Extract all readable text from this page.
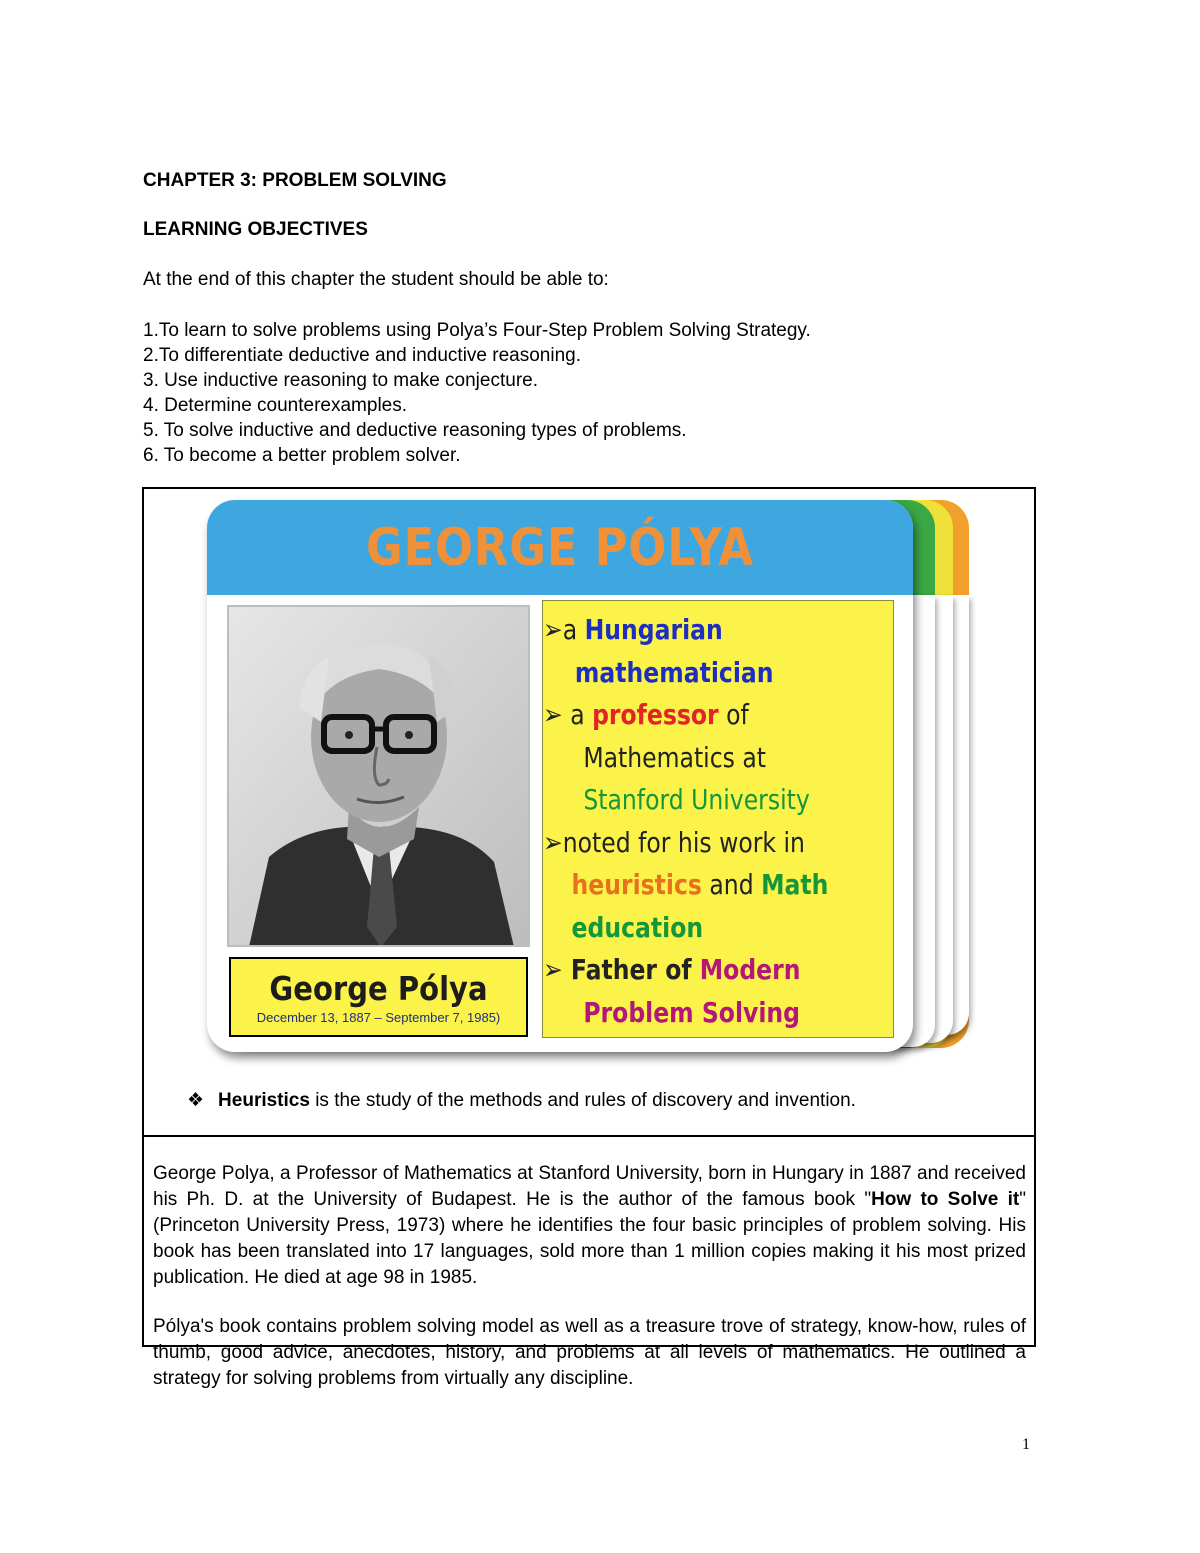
CHAPTER 3: PROBLEM SOLVING
LEARNING OBJECTIVES
At the end of this chapter the student should be able to:
1.To learn to solve problems using Polya’s Four-Step Problem Solving Strategy.
2.To differentiate deductive and inductive reasoning.
3. Use inductive reasoning to make conjecture.
4. Determine counterexamples.
5. To solve inductive and deductive reasoning types of problems.
6. To become a better problem solver.
GEORGE PÓLYA
George Pólya
December 13, 1887 – September 7, 1985)
➢a Hungarian
mathematician
➢ a professor of
Mathematics at
Stanford University
➢noted for his work in
heuristics and Math
education
➢ Father of Modern
Problem Solving
❖ Heuristics is the study of the methods and rules of discovery and invention.
George Polya, a Professor of Mathematics at Stanford University, born in Hungary in 1887 and received his Ph. D. at the University of Budapest. He is the author of the famous book "How to Solve it" (Princeton University Press, 1973) where he identifies the four basic principles of problem solving. His book has been translated into 17 languages, sold more than 1 million copies making it his most prized publication. He died at age 98 in 1985.
Pólya's book contains problem solving model as well as a treasure trove of strategy, know-how, rules of thumb, good advice, anecdotes, history, and problems at all levels of mathematics. He outlined a strategy for solving problems from virtually any discipline.
1
